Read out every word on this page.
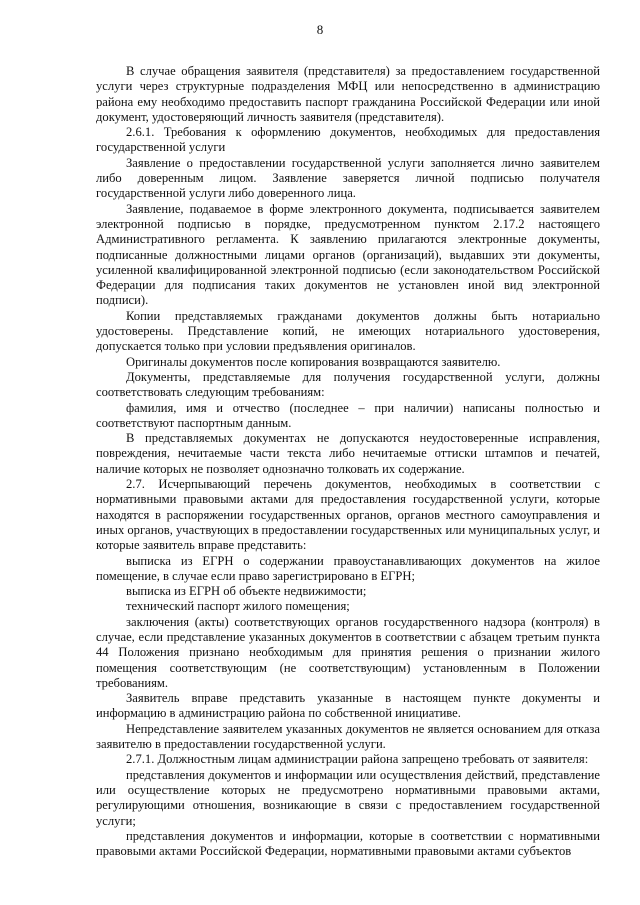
8

В случае обращения заявителя (представителя) за предоставлением государственной услуги через структурные подразделения МФЦ или непосредственно в администрацию района ему необходимо предоставить паспорт гражданина Российской Федерации или иной документ, удостоверяющий личность заявителя (представителя).

2.6.1. Требования к оформлению документов, необходимых для предоставления государственной услуги

Заявление о предоставлении государственной услуги заполняется лично заявителем либо доверенным лицом. Заявление заверяется личной подписью получателя государственной услуги либо доверенного лица.

Заявление, подаваемое в форме электронного документа, подписывается заявителем электронной подписью в порядке, предусмотренном пунктом 2.17.2 настоящего Административного регламента. К заявлению прилагаются электронные документы, подписанные должностными лицами органов (организаций), выдавших эти документы, усиленной квалифицированной электронной подписью (если законодательством Российской Федерации для подписания таких документов не установлен иной вид электронной подписи).

Копии представляемых гражданами документов должны быть нотариально удостоверены. Представление копий, не имеющих нотариального удостоверения, допускается только при условии предъявления оригиналов.

Оригиналы документов после копирования возвращаются заявителю.

Документы, представляемые для получения государственной услуги, должны соответствовать следующим требованиям:

фамилия, имя и отчество (последнее – при наличии) написаны полностью и соответствуют паспортным данным.

В представляемых документах не допускаются неудостоверенные исправления, повреждения, нечитаемые части текста либо нечитаемые оттиски штампов и печатей, наличие которых не позволяет однозначно толковать их содержание.

2.7. Исчерпывающий перечень документов, необходимых в соответствии с нормативными правовыми актами для предоставления государственной услуги, которые находятся в распоряжении государственных органов, органов местного самоуправления и иных органов, участвующих в предоставлении государственных или муниципальных услуг, и которые заявитель вправе представить:

выписка из ЕГРН о содержании правоустанавливающих документов на жилое помещение, в случае если право зарегистрировано в ЕГРН;

выписка из ЕГРН об объекте недвижимости;

технический паспорт жилого помещения;

заключения (акты) соответствующих органов государственного надзора (контроля) в случае, если представление указанных документов в соответствии с абзацем третьим пункта 44 Положения признано необходимым для принятия решения о признании жилого помещения соответствующим (не соответствующим) установленным в Положении требованиям.

Заявитель вправе представить указанные в настоящем пункте документы и информацию в администрацию района по собственной инициативе.

Непредставление заявителем указанных документов не является основанием для отказа заявителю в предоставлении государственной услуги.

2.7.1. Должностным лицам администрации района запрещено требовать от заявителя:

представления документов и информации или осуществления действий, представление или осуществление которых не предусмотрено нормативными правовыми актами, регулирующими отношения, возникающие в связи с предоставлением государственной услуги;

представления документов и информации, которые в соответствии с нормативными правовыми актами Российской Федерации, нормативными правовыми актами субъектов
